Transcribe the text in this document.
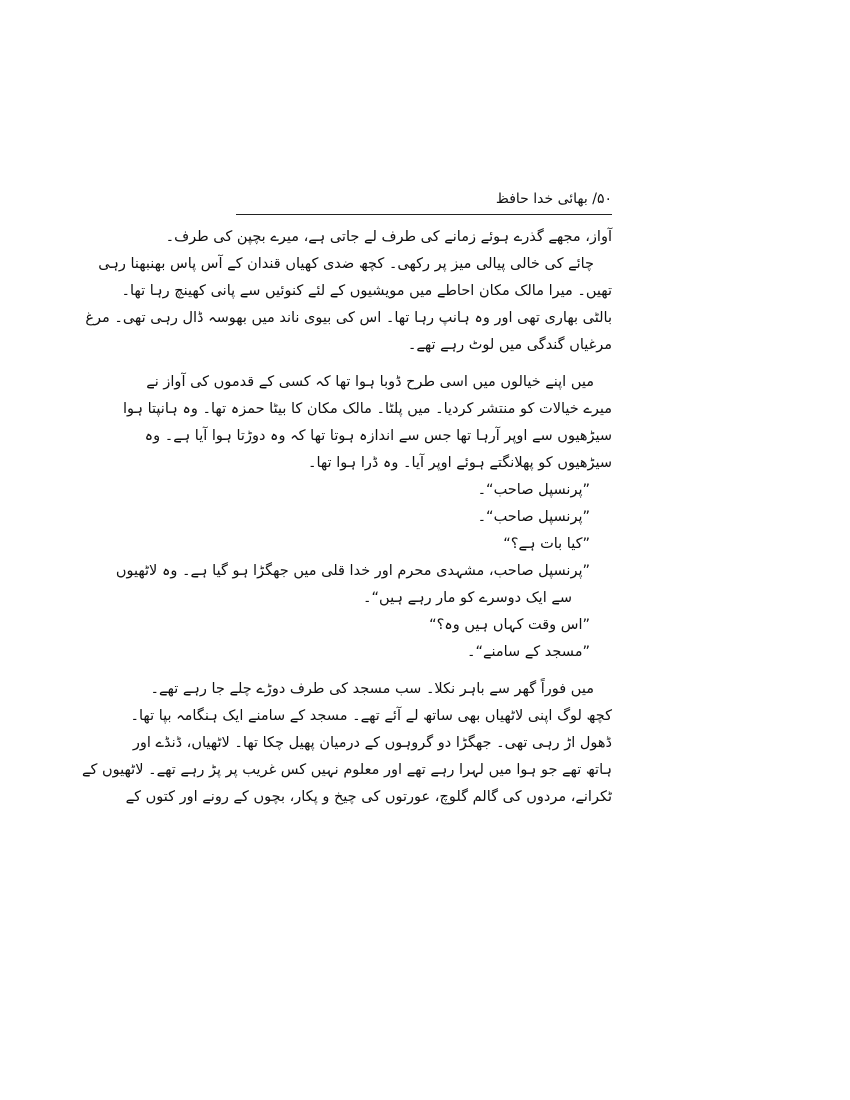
۵۰/ بھائی خدا حافظ
آواز، مجھے گذرے ہوئے زمانے کی طرف لے جاتی ہے، میرے بچپن کی طرف۔
چائے کی خالی پیالی میز پر رکھی۔ کچھ ضدی کھیاں قندان کے آس پاس بھنبھنا رہی
تھیں۔ میرا مالک مکان احاطے میں مویشیوں کے لئے کنوئیں سے پانی کھینچ رہا تھا۔
بالٹی بھاری تھی اور وہ ہانپ رہا تھا۔ اس کی بیوی ناند میں بھوسہ ڈال رہی تھی۔ مرغ
مرغیاں گندگی میں لوٹ رہے تھے۔
میں اپنے خیالوں میں اسی طرح ڈوبا ہوا تھا کہ کسی کے قدموں کی آواز نے
میرے خیالات کو منتشر کردیا۔ میں پلٹا۔ مالک مکان کا بیٹا حمزہ تھا۔ وہ ہانپتا ہوا
سیڑھیوں سے اوپر آرہا تھا جس سے اندازہ ہوتا تھا کہ وہ دوڑتا ہوا آیا ہے۔ وہ
سیڑھیوں کو پھلانگتے ہوئے اوپر آیا۔ وہ ڈرا ہوا تھا۔
”پرنسپل صاحب“۔
”پرنسپل صاحب“۔
”کیا بات ہے؟“
”پرنسپل صاحب، مشہدی محرم اور خدا قلی میں جھگڑا ہو گیا ہے۔ وہ لاٹھیوں
سے ایک دوسرے کو مار رہے ہیں“۔
”اس وقت کہاں ہیں وہ؟“
”مسجد کے سامنے“۔
میں فوراً گھر سے باہر نکلا۔ سب مسجد کی طرف دوڑے چلے جا رہے تھے۔
کچھ لوگ اپنی لاٹھیاں بھی ساتھ لے آئے تھے۔ مسجد کے سامنے ایک ہنگامہ بپا تھا۔
ڈھول اڑ رہی تھی۔ جھگڑا دو گروہوں کے درمیان پھیل چکا تھا۔ لاٹھیاں، ڈنڈے اور
ہاتھ تھے جو ہوا میں لہرا رہے تھے اور معلوم نہیں کس غریب پر پڑ رہے تھے۔ لاٹھیوں کے
ٹکرانے، مردوں کی گالم گلوچ، عورتوں کی چیخ و پکار، بچوں کے رونے اور کتوں کے
